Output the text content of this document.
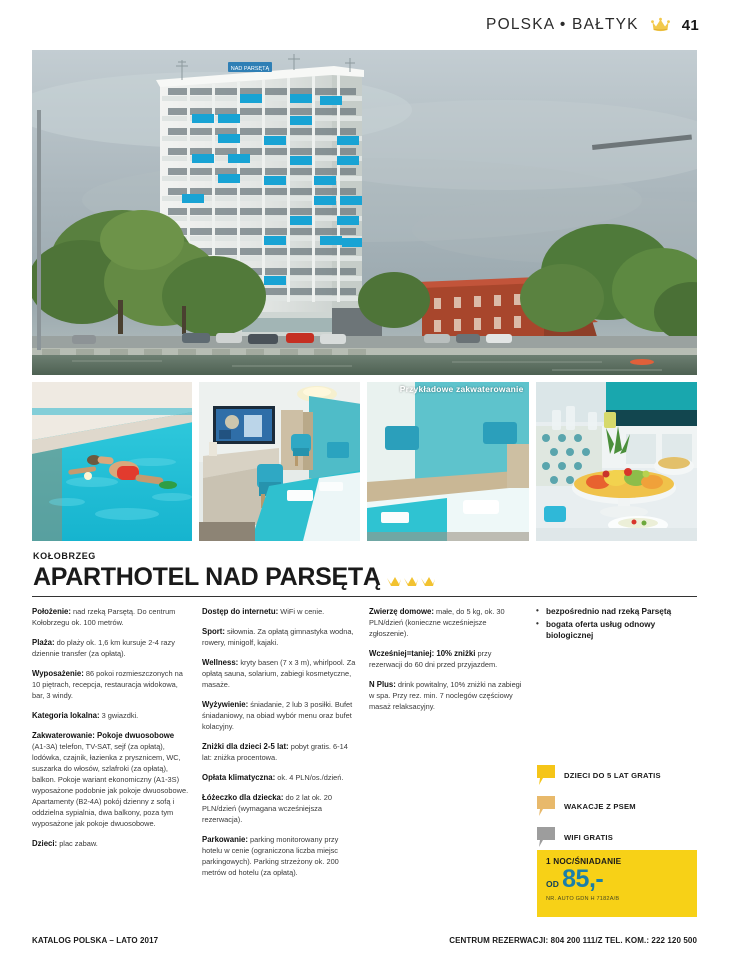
POLSKA • BAŁTYK	41
NAD PARSĘTĄ
Przykładowe zakwaterowanie
KOŁOBRZEG
APARTHOTEL NAD PARSĘTĄ

Położenie: nad rzeką Parsętą. Do centrum Kołobrzegu ok. 100 metrów.

Plaża: do plaży ok. 1,6 km kursuje 2-4 razy dziennie transfer (za opłatą).

Wyposażenie: 86 pokoi rozmieszczonych na 10 piętrach, recepcja, restauracja widokowa, bar, 3 windy.

Kategoria lokalna: 3 gwiazdki.

Zakwaterowanie: Pokoje dwuosobowe (A1-3A) telefon, TV-SAT, sejf (za opłatą), lodówka, czajnik, łazienka z prysznicem, WC, suszarka do włosów, szlafroki (za opłatą), balkon. Pokoje wariant ekonomiczny (A1-3S) wyposażone podobnie jak pokoje dwuosobowe. Apartamenty (B2-4A) pokój dzienny z sofą i oddzielna sypialnia, dwa balkony, poza tym wyposażone jak pokoje dwuosobowe.

Dzieci: plac zabaw.

Dostęp do internetu: WiFi w cenie.

Sport: siłownia. Za opłatą gimnastyka wodna, rowery, minigolf, kajaki.

Wellness: kryty basen (7 x 3 m), whirlpool. Za opłatą sauna, solarium, zabiegi kosmetyczne, masaże.

Wyżywienie: śniadanie, 2 lub 3 posiłki. Bufet śniadaniowy, na obiad wybór menu oraz bufet kolacyjny.

Zniżki dla dzieci 2-5 lat: pobyt gratis. 6-14 lat: zniżka procentowa.

Opłata klimatyczna: ok. 4 PLN/os./dzień.

Łóżeczko dla dziecka: do 2 lat ok. 20 PLN/dzień (wymagana wcześniejsza rezerwacja).

Parkowanie: parking monitorowany przy hotelu w cenie (ograniczona liczba miejsc parkingowych). Parking strzeżony ok. 200 metrów od hotelu (za opłatą).

Zwierzę domowe: małe, do 5 kg, ok. 30 PLN/dzień (konieczne wcześniejsze zgłoszenie).

Wcześniej=taniej: 10% zniżki przy rezerwacji do 60 dni przed przyjazdem.

N Plus: drink powitalny, 10% zniżki na zabiegi w spa. Przy rez. min. 7 noclegów częściowy masaż relaksacyjny.

• bezpośrednio nad rzeką Parsętą
• bogata oferta usług odnowy biologicznej
DZIECI DO 5 LAT GRATIS
WAKACJE Z PSEM
WIFI GRATIS
1 NOC/ŚNIADANIE
OD 85,-
NR. AUTO GDN H 7182A/B
KATALOG POLSKA – LATO 2017	CENTRUM REZERWACJI: 804 200 111/Z TEL. KOM.: 222 120 500
